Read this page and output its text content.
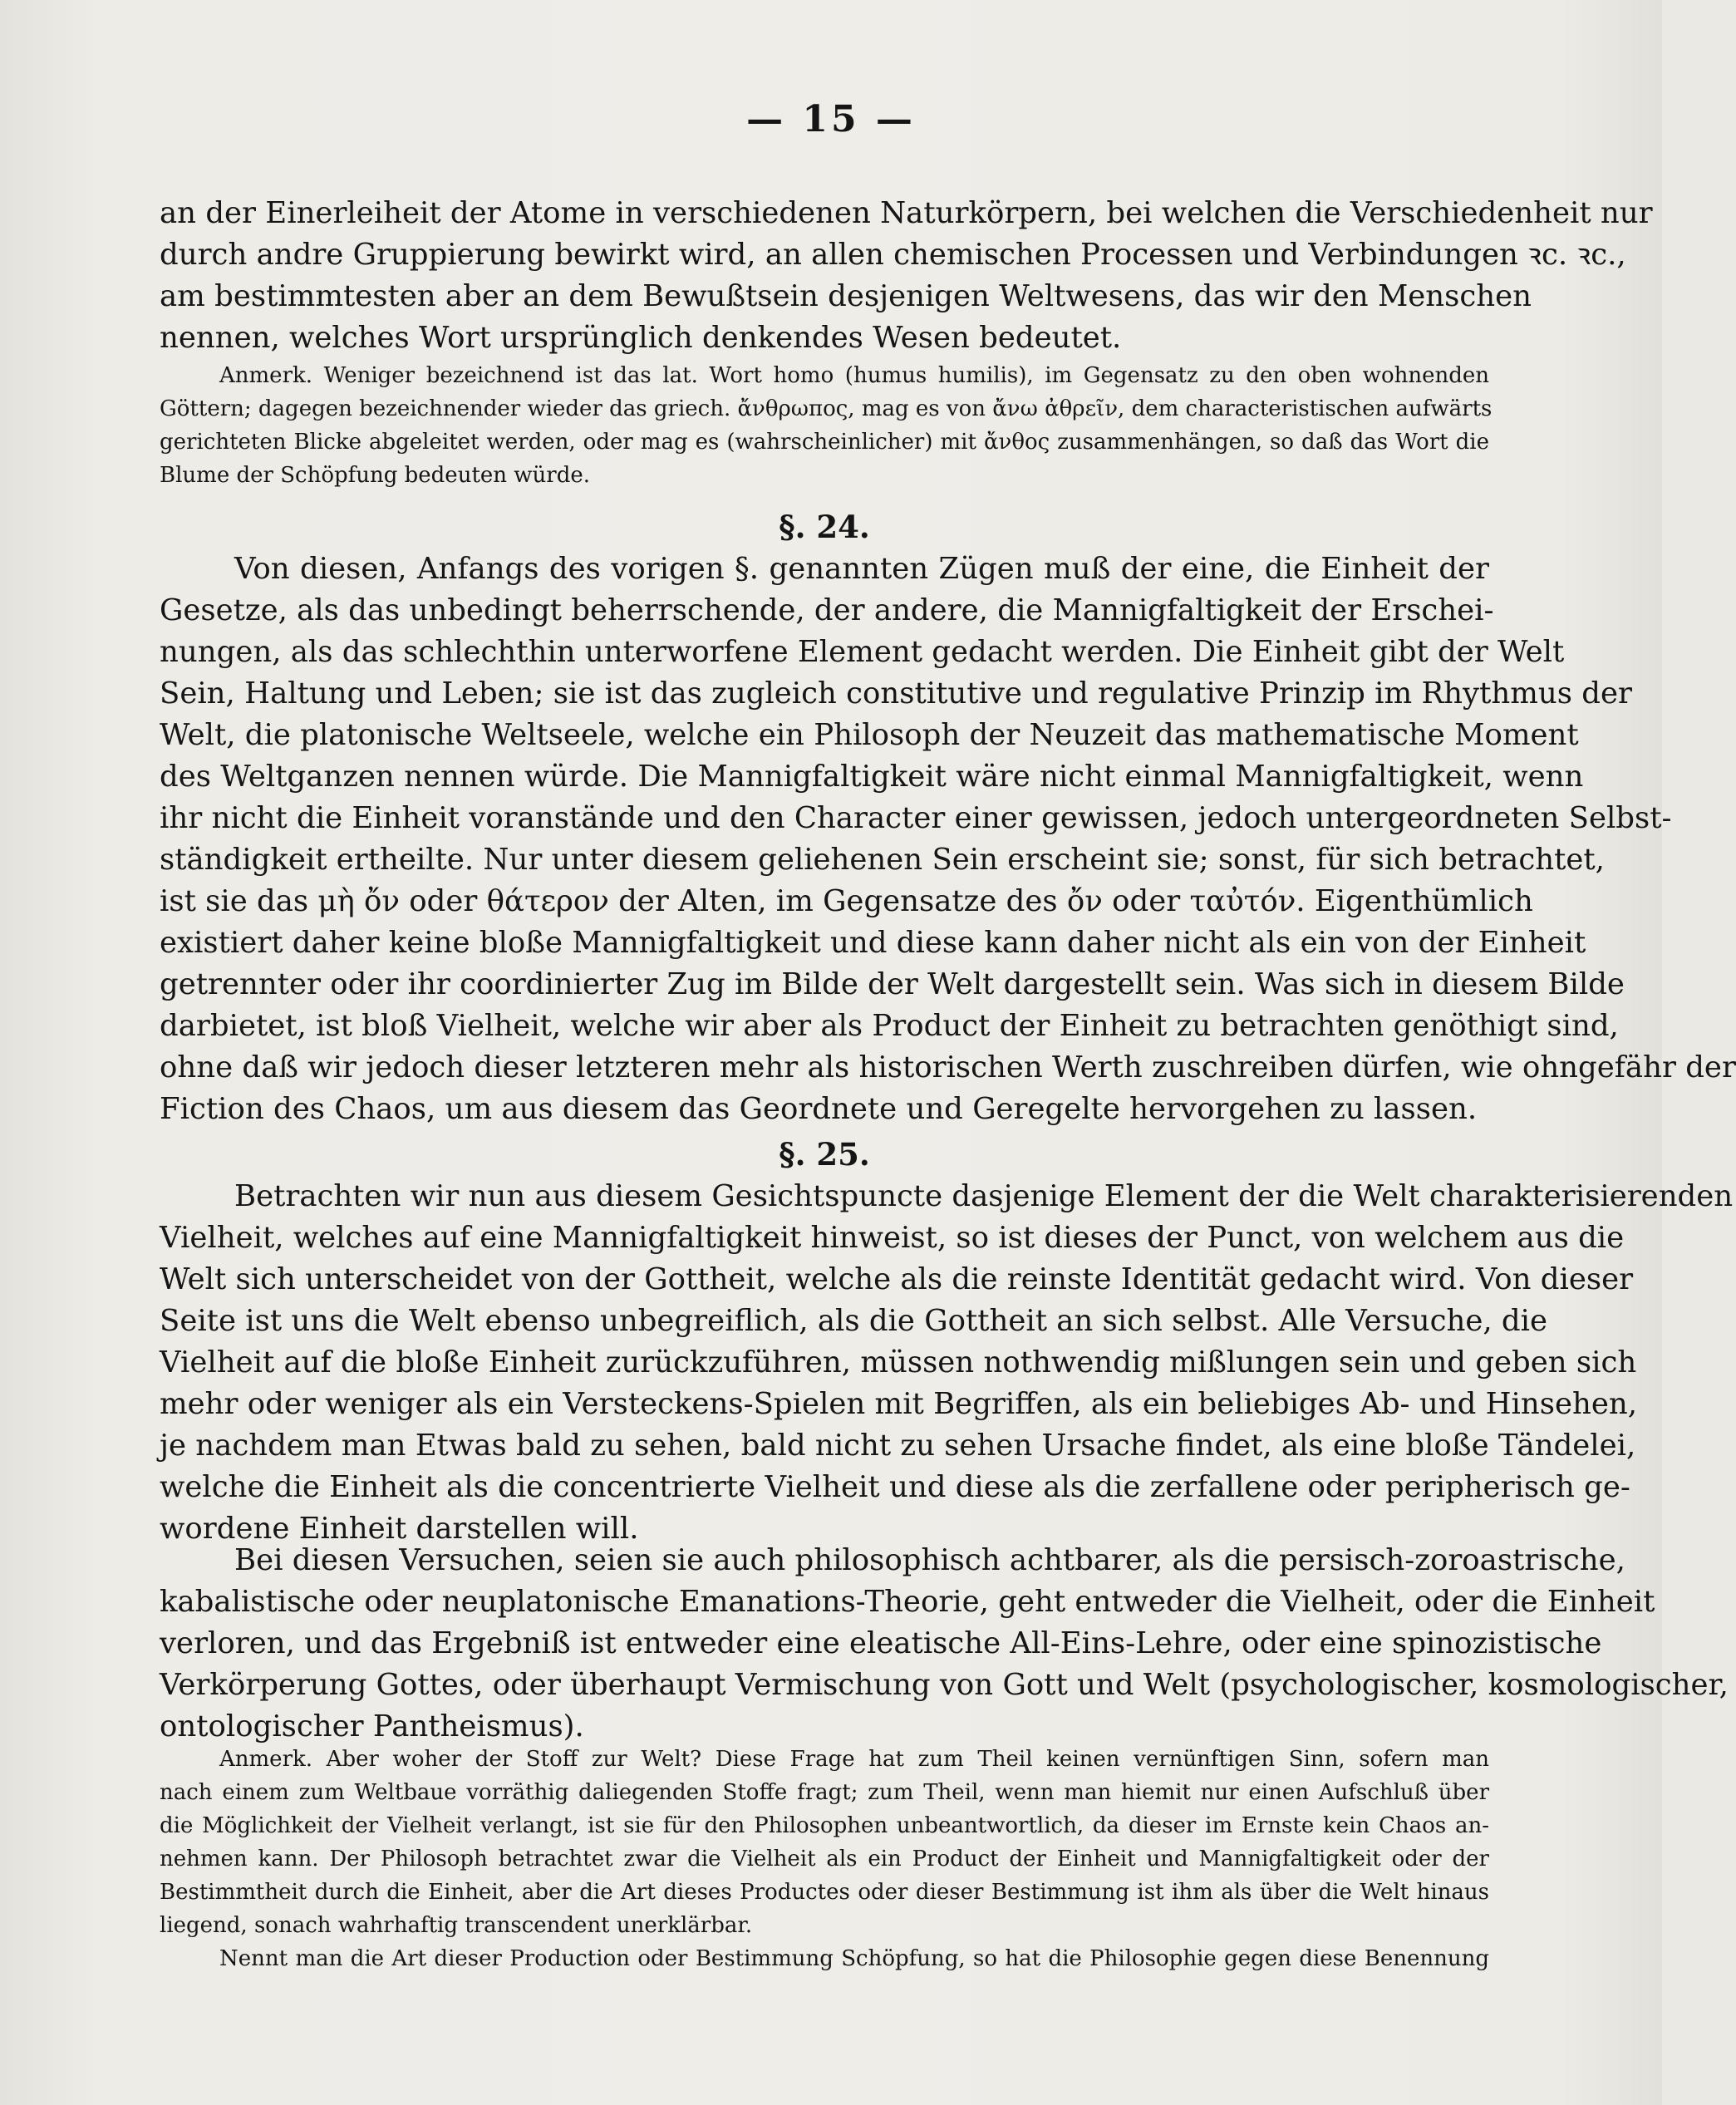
— 15 —
an der Einerleiheit der Atome in verschiedenen Naturkörpern, bei welchen die Verschiedenheit nur
durch andre Gruppierung bewirkt wird, an allen chemischen Processen und Verbindungen ꝛc. ꝛc.,
am bestimmtesten aber an dem Bewußtsein desjenigen Weltwesens, das wir den Menschen
nennen, welches Wort ursprünglich denkendes Wesen bedeutet.
Anmerk. Weniger bezeichnend ist das lat. Wort homo (humus humilis), im Gegensatz zu den oben wohnenden
Göttern; dagegen bezeichnender wieder das griech. ἄνθρωπος, mag es von ἄνω ἀθρεῖν, dem characteristischen aufwärts
gerichteten Blicke abgeleitet werden, oder mag es (wahrscheinlicher) mit ἄνθος zusammenhängen, so daß das Wort die
Blume der Schöpfung bedeuten würde.
§. 24.
Von diesen, Anfangs des vorigen §. genannten Zügen muß der eine, die Einheit der
Gesetze, als das unbedingt beherrschende, der andere, die Mannigfaltigkeit der Erschei-
nungen, als das schlechthin unterworfene Element gedacht werden. Die Einheit gibt der Welt
Sein, Haltung und Leben; sie ist das zugleich constitutive und regulative Prinzip im Rhythmus der
Welt, die platonische Weltseele, welche ein Philosoph der Neuzeit das mathematische Moment
des Weltganzen nennen würde. Die Mannigfaltigkeit wäre nicht einmal Mannigfaltigkeit, wenn
ihr nicht die Einheit voranstände und den Character einer gewissen, jedoch untergeordneten Selbst-
ständigkeit ertheilte. Nur unter diesem geliehenen Sein erscheint sie; sonst, für sich betrachtet,
ist sie das μὴ ὄν oder θάτερον der Alten, im Gegensatze des ὄν oder ταὐτόν. Eigenthümlich
existiert daher keine bloße Mannigfaltigkeit und diese kann daher nicht als ein von der Einheit
getrennter oder ihr coordinierter Zug im Bilde der Welt dargestellt sein. Was sich in diesem Bilde
darbietet, ist bloß Vielheit, welche wir aber als Product der Einheit zu betrachten genöthigt sind,
ohne daß wir jedoch dieser letzteren mehr als historischen Werth zuschreiben dürfen, wie ohngefähr der
Fiction des Chaos, um aus diesem das Geordnete und Geregelte hervorgehen zu lassen.
§. 25.
Betrachten wir nun aus diesem Gesichtspuncte dasjenige Element der die Welt charakterisierenden
Vielheit, welches auf eine Mannigfaltigkeit hinweist, so ist dieses der Punct, von welchem aus die
Welt sich unterscheidet von der Gottheit, welche als die reinste Identität gedacht wird. Von dieser
Seite ist uns die Welt ebenso unbegreiflich, als die Gottheit an sich selbst. Alle Versuche, die
Vielheit auf die bloße Einheit zurückzuführen, müssen nothwendig mißlungen sein und geben sich
mehr oder weniger als ein Versteckens-Spielen mit Begriffen, als ein beliebiges Ab- und Hinsehen,
je nachdem man Etwas bald zu sehen, bald nicht zu sehen Ursache findet, als eine bloße Tändelei,
welche die Einheit als die concentrierte Vielheit und diese als die zerfallene oder peripherisch ge-
wordene Einheit darstellen will.
Bei diesen Versuchen, seien sie auch philosophisch achtbarer, als die persisch-zoroastrische,
kabalistische oder neuplatonische Emanations-Theorie, geht entweder die Vielheit, oder die Einheit
verloren, und das Ergebniß ist entweder eine eleatische All-Eins-Lehre, oder eine spinozistische
Verkörperung Gottes, oder überhaupt Vermischung von Gott und Welt (psychologischer, kosmologischer,
ontologischer Pantheismus).
Anmerk. Aber woher der Stoff zur Welt? Diese Frage hat zum Theil keinen vernünftigen Sinn, sofern man
nach einem zum Weltbaue vorräthig daliegenden Stoffe fragt; zum Theil, wenn man hiemit nur einen Aufschluß über
die Möglichkeit der Vielheit verlangt, ist sie für den Philosophen unbeantwortlich, da dieser im Ernste kein Chaos an-
nehmen kann. Der Philosoph betrachtet zwar die Vielheit als ein Product der Einheit und Mannigfaltigkeit oder der
Bestimmtheit durch die Einheit, aber die Art dieses Productes oder dieser Bestimmung ist ihm als über die Welt hinaus
liegend, sonach wahrhaftig transcendent unerklärbar.
Nennt man die Art dieser Production oder Bestimmung Schöpfung, so hat die Philosophie gegen diese Benennung
